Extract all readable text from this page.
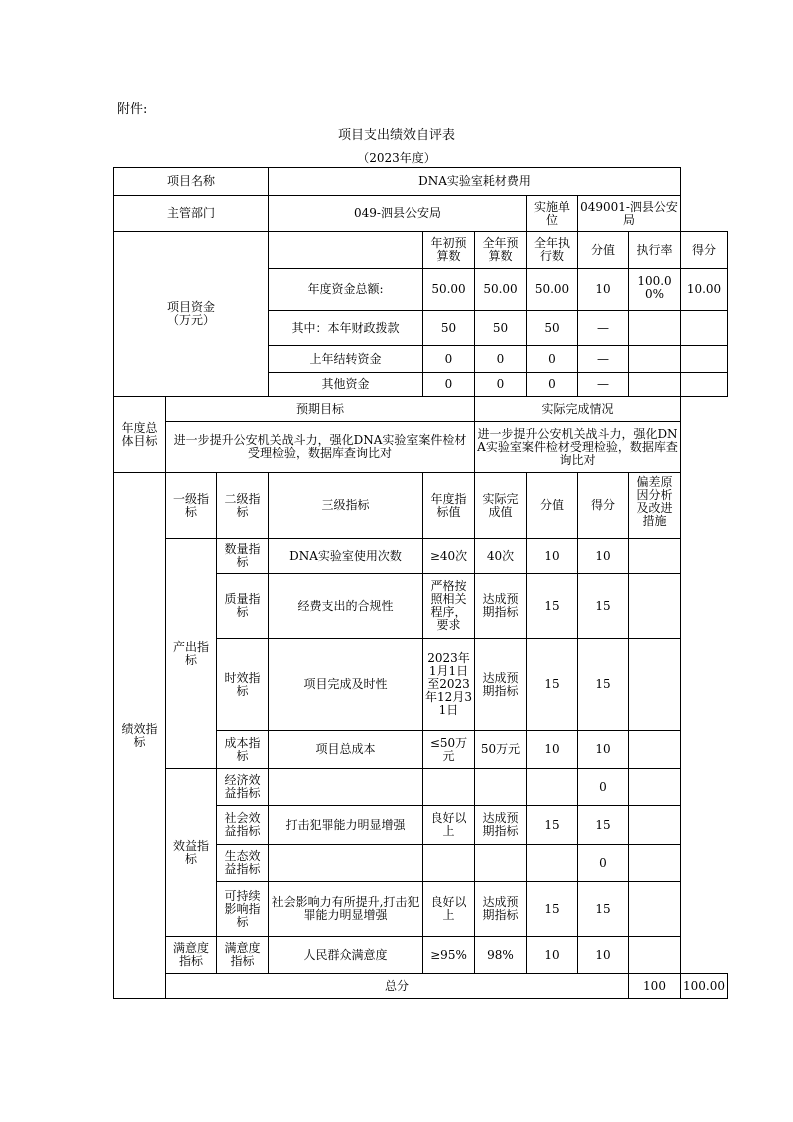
附件:
项目支出绩效自评表
（2023年度）
项目名称			DNA实验室耗材费用						
主管部门			049-泗县公安局			实施单位	049001-泗县公安局		
项目资金
（万元）				年初预算数	全年预算数	全年执行数	分值	执行率	得分
			年度资金总额:	50.00	50.00	50.00	10	100.00%	10.00
			其中：本年财政拨款	50	50	50	—		
			上年结转资金	0	0	0	—		
			其他资金	0	0	0	—		
年度总体目标	预期目标				实际完成情况				
	进一步提升公安机关战斗力，强化DNA实验室案件检材受理检验，数据库查询比对				进一步提升公安机关战斗力，强化DNA实验室案件检材受理检验，数据库查询比对				
绩效指标	一级指标	二级指标	三级指标	年度指标值	实际完成值	分值	得分	偏差原因分析及改进措施	
	产出指标	数量指标	DNA实验室使用次数	≥40次	40次	10	10		
		质量指标	经费支出的合规性	严格按照相关程序，要求	达成预期指标	15	15		
		时效指标	项目完成及时性	2023年1月1日至2023年12月31日	达成预期指标	15	15		
		成本指标	项目总成本	≤50万元	50万元	10	10		
	效益指标	经济效益指标					0		
		社会效益指标	打击犯罪能力明显增强	良好以上	达成预期指标	15	15		
		生态效益指标					0		
		可持续影响指标	社会影响力有所提升,打击犯罪能力明显增强	良好以上	达成预期指标	15	15		
	满意度指标	满意度指标	人民群众满意度	≥95%	98%	10	10		
	总分							100	100.00
